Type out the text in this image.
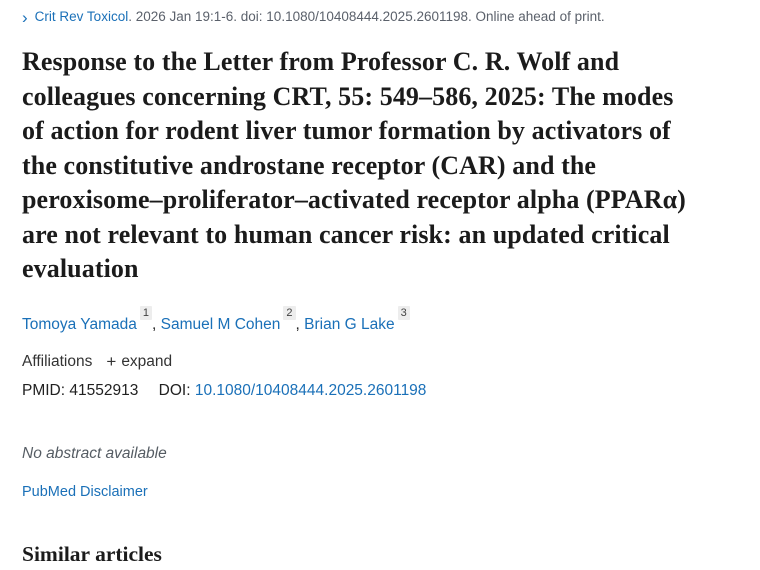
› Crit Rev Toxicol. 2026 Jan 19:1-6. doi: 10.1080/10408444.2025.2601198. Online ahead of print.
Response to the Letter from Professor C. R. Wolf and colleagues concerning CRT, 55: 549–586, 2025: The modes of action for rodent liver tumor formation by activators of the constitutive androstane receptor (CAR) and the peroxisome–proliferator–activated receptor alpha (PPARα) are not relevant to human cancer risk: an updated critical evaluation
Tomoya Yamada$^1$, Samuel M Cohen$^2$, Brian G Lake$^3$
Affiliations + expand
PMID: 41552913 DOI: 10.1080/10408444.2025.2601198
No abstract available
PubMed Disclaimer
Similar articles
